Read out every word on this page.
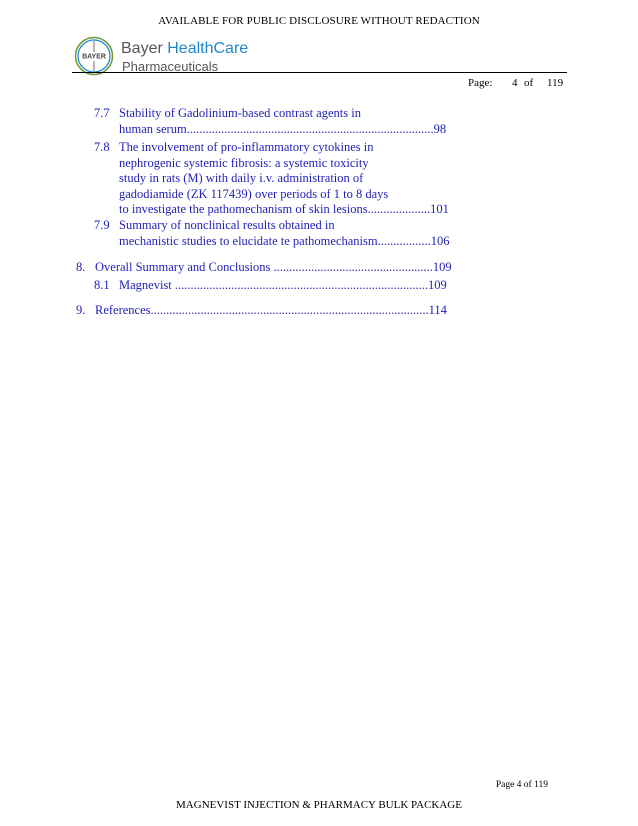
AVAILABLE FOR PUBLIC DISCLOSURE WITHOUT REDACTION
BAYER Bayer HealthCare
Pharmaceuticals
Page: 4 of 119
7.7 Stability of Gadolinium-based contrast agents in
human serum...............................................................................98
7.8 The involvement of pro-inflammatory cytokines in
nephrogenic systemic fibrosis: a systemic toxicity
study in rats (M) with daily i.v. administration of
gadodiamide (ZK 117439) over periods of 1 to 8 days
to investigate the pathomechanism of skin lesions....................101
7.9 Summary of nonclinical results obtained in
mechanistic studies to elucidate te pathomechanism.................106
8. Overall Summary and Conclusions ...................................................109
8.1 Magnevist .................................................................................109
9. References.........................................................................................114
Page 4 of 119
MAGNEVIST INJECTION & PHARMACY BULK PACKAGE
